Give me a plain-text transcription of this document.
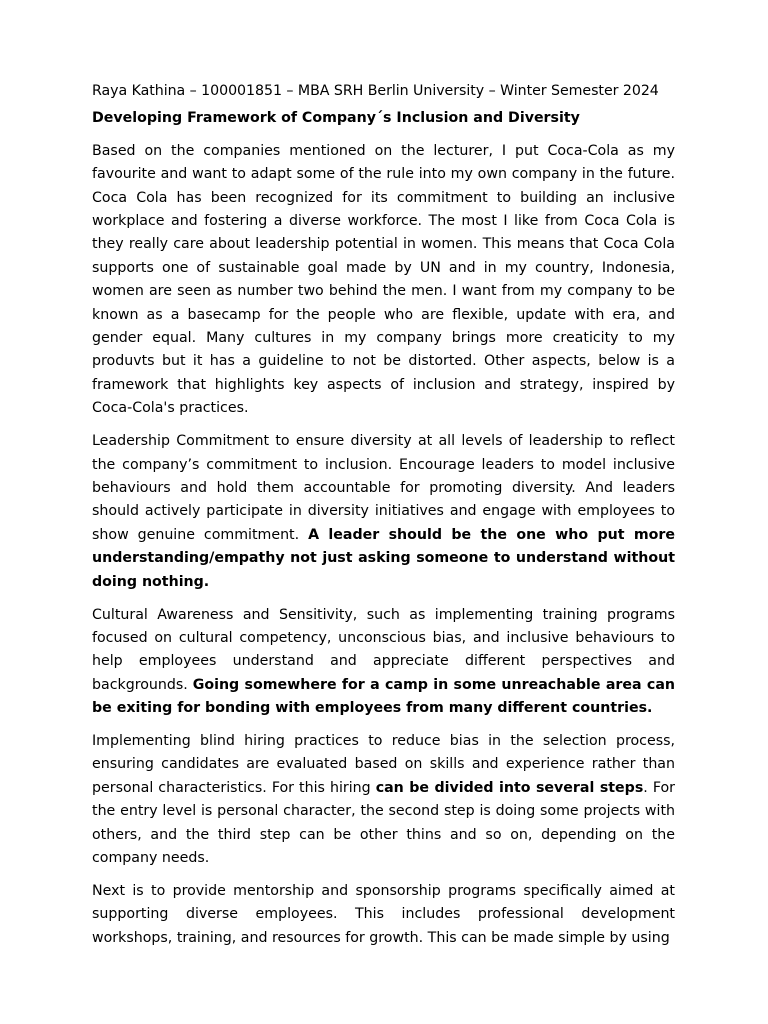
Raya Kathina – 100001851 – MBA SRH Berlin University – Winter Semester 2024
Developing Framework of Company´s Inclusion and Diversity

Based on the companies mentioned on the lecturer, I put Coca-Cola as my favourite and want to adapt some of the rule into my own company in the future. Coca Cola has been recognized for its commitment to building an inclusive workplace and fostering a diverse workforce. The most I like from Coca Cola is they really care about leadership potential in women. This means that Coca Cola supports one of sustainable goal made by UN and in my country, Indonesia, women are seen as number two behind the men. I want from my company to be known as a basecamp for the people who are flexible, update with era, and gender equal. Many cultures in my company brings more creaticity to my produvts but it has a guideline to not be distorted. Other aspects, below is a framework that highlights key aspects of inclusion and strategy, inspired by Coca-Cola's practices.

Leadership Commitment to ensure diversity at all levels of leadership to reflect the company’s commitment to inclusion. Encourage leaders to model inclusive behaviours and hold them accountable for promoting diversity. And leaders should actively participate in diversity initiatives and engage with employees to show genuine commitment. A leader should be the one who put more understanding/empathy not just asking someone to understand without doing nothing.

Cultural Awareness and Sensitivity, such as implementing training programs focused on cultural competency, unconscious bias, and inclusive behaviours to help employees understand and appreciate different perspectives and backgrounds. Going somewhere for a camp in some unreachable area can be exiting for bonding with employees from many different countries.

Implementing blind hiring practices to reduce bias in the selection process, ensuring candidates are evaluated based on skills and experience rather than personal characteristics. For this hiring can be divided into several steps. For the entry level is personal character, the second step is doing some projects with others, and the third step can be other thins and so on, depending on the company needs.

Next is to provide mentorship and sponsorship programs specifically aimed at supporting diverse employees. This includes professional development workshops, training, and resources for growth. This can be made simple by using
